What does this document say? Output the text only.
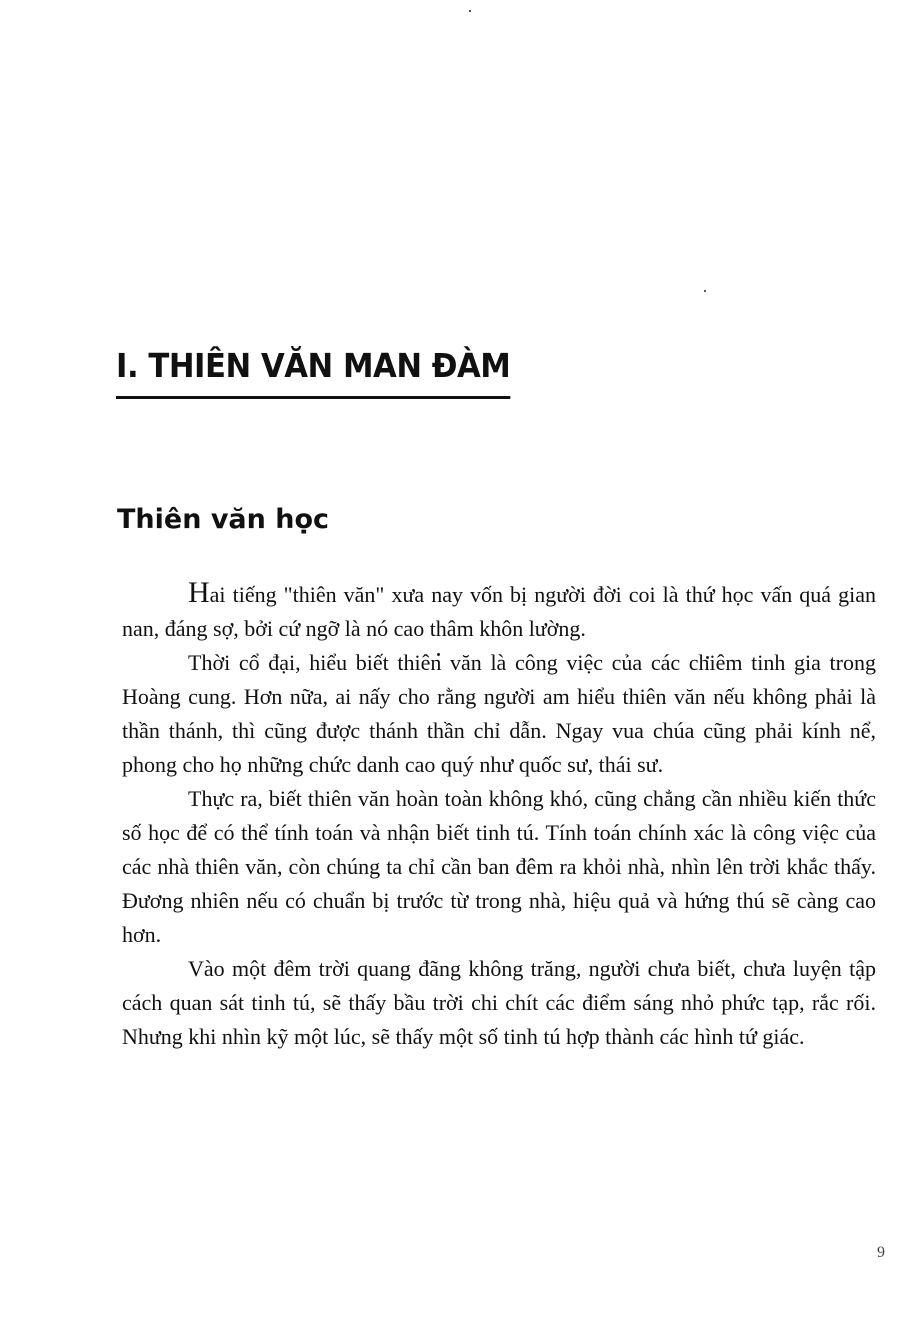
I. THIÊN VĂN MAN ĐÀM
Thiên văn học

Hai tiếng "thiên văn" xưa nay vốn bị người đời coi là thứ học vấn quá gian nan, đáng sợ, bởi cứ ngỡ là nó cao thâm khôn lường.

Thời cổ đại, hiểu biết thiên văn là công việc của các chiêm tinh gia trong Hoàng cung. Hơn nữa, ai nấy cho rằng người am hiểu thiên văn nếu không phải là thần thánh, thì cũng được thánh thần chỉ dẫn. Ngay vua chúa cũng phải kính nể, phong cho họ những chức danh cao quý như quốc sư, thái sư.

Thực ra, biết thiên văn hoàn toàn không khó, cũng chẳng cần nhiều kiến thức số học để có thể tính toán và nhận biết tinh tú. Tính toán chính xác là công việc của các nhà thiên văn, còn chúng ta chỉ cần ban đêm ra khỏi nhà, nhìn lên trời khắc thấy. Đương nhiên nếu có chuẩn bị trước từ trong nhà, hiệu quả và hứng thú sẽ càng cao hơn.

Vào một đêm trời quang đãng không trăng, người chưa biết, chưa luyện tập cách quan sát tinh tú, sẽ thấy bầu trời chi chít các điểm sáng nhỏ phức tạp, rắc rối. Nhưng khi nhìn kỹ một lúc, sẽ thấy một số tinh tú hợp thành các hình tứ giác.

9
